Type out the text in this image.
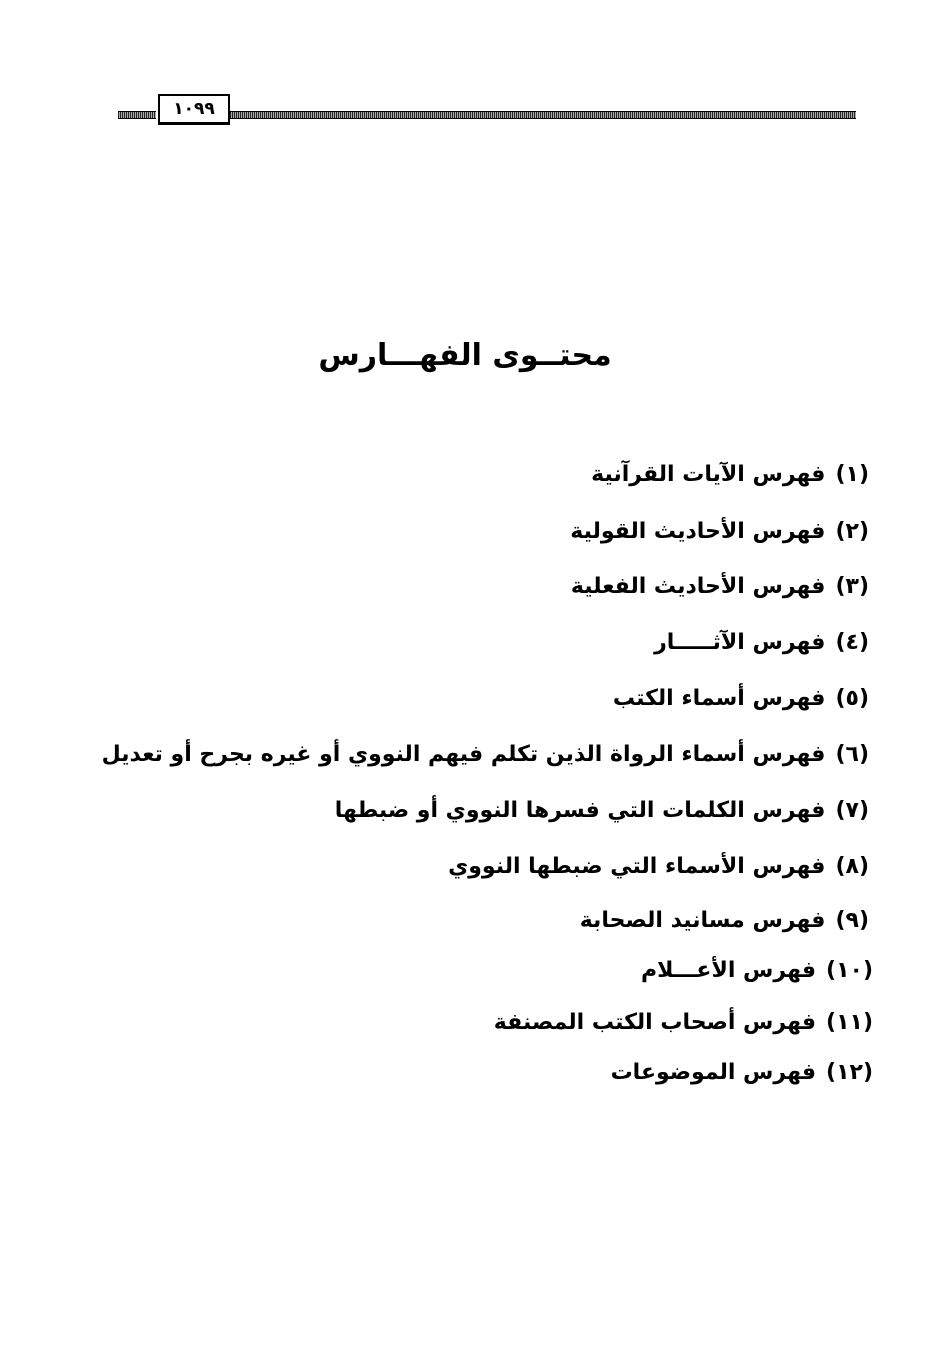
١٠٩٩
محتــوى الفهـــارس
(١)
فهرس الآيات القرآنية
(٢)
فهرس الأحاديث القولية
(٣)
فهرس الأحاديث الفعلية
(٤)
فهرس الآثـــــار
(٥)
فهرس أسماء الكتب
(٦)
فهرس أسماء الرواة الذين تكلم فيهم النووي أو غيره بجرح أو تعديل
(٧)
فهرس الكلمات التي فسرها النووي أو ضبطها
(٨)
فهرس الأسماء التي ضبطها النووي
(٩)
فهرس مسانيد الصحابة
(١٠)
فهرس الأعـــلام
(١١)
فهرس أصحاب الكتب المصنفة
(١٢)
فهرس الموضوعات
